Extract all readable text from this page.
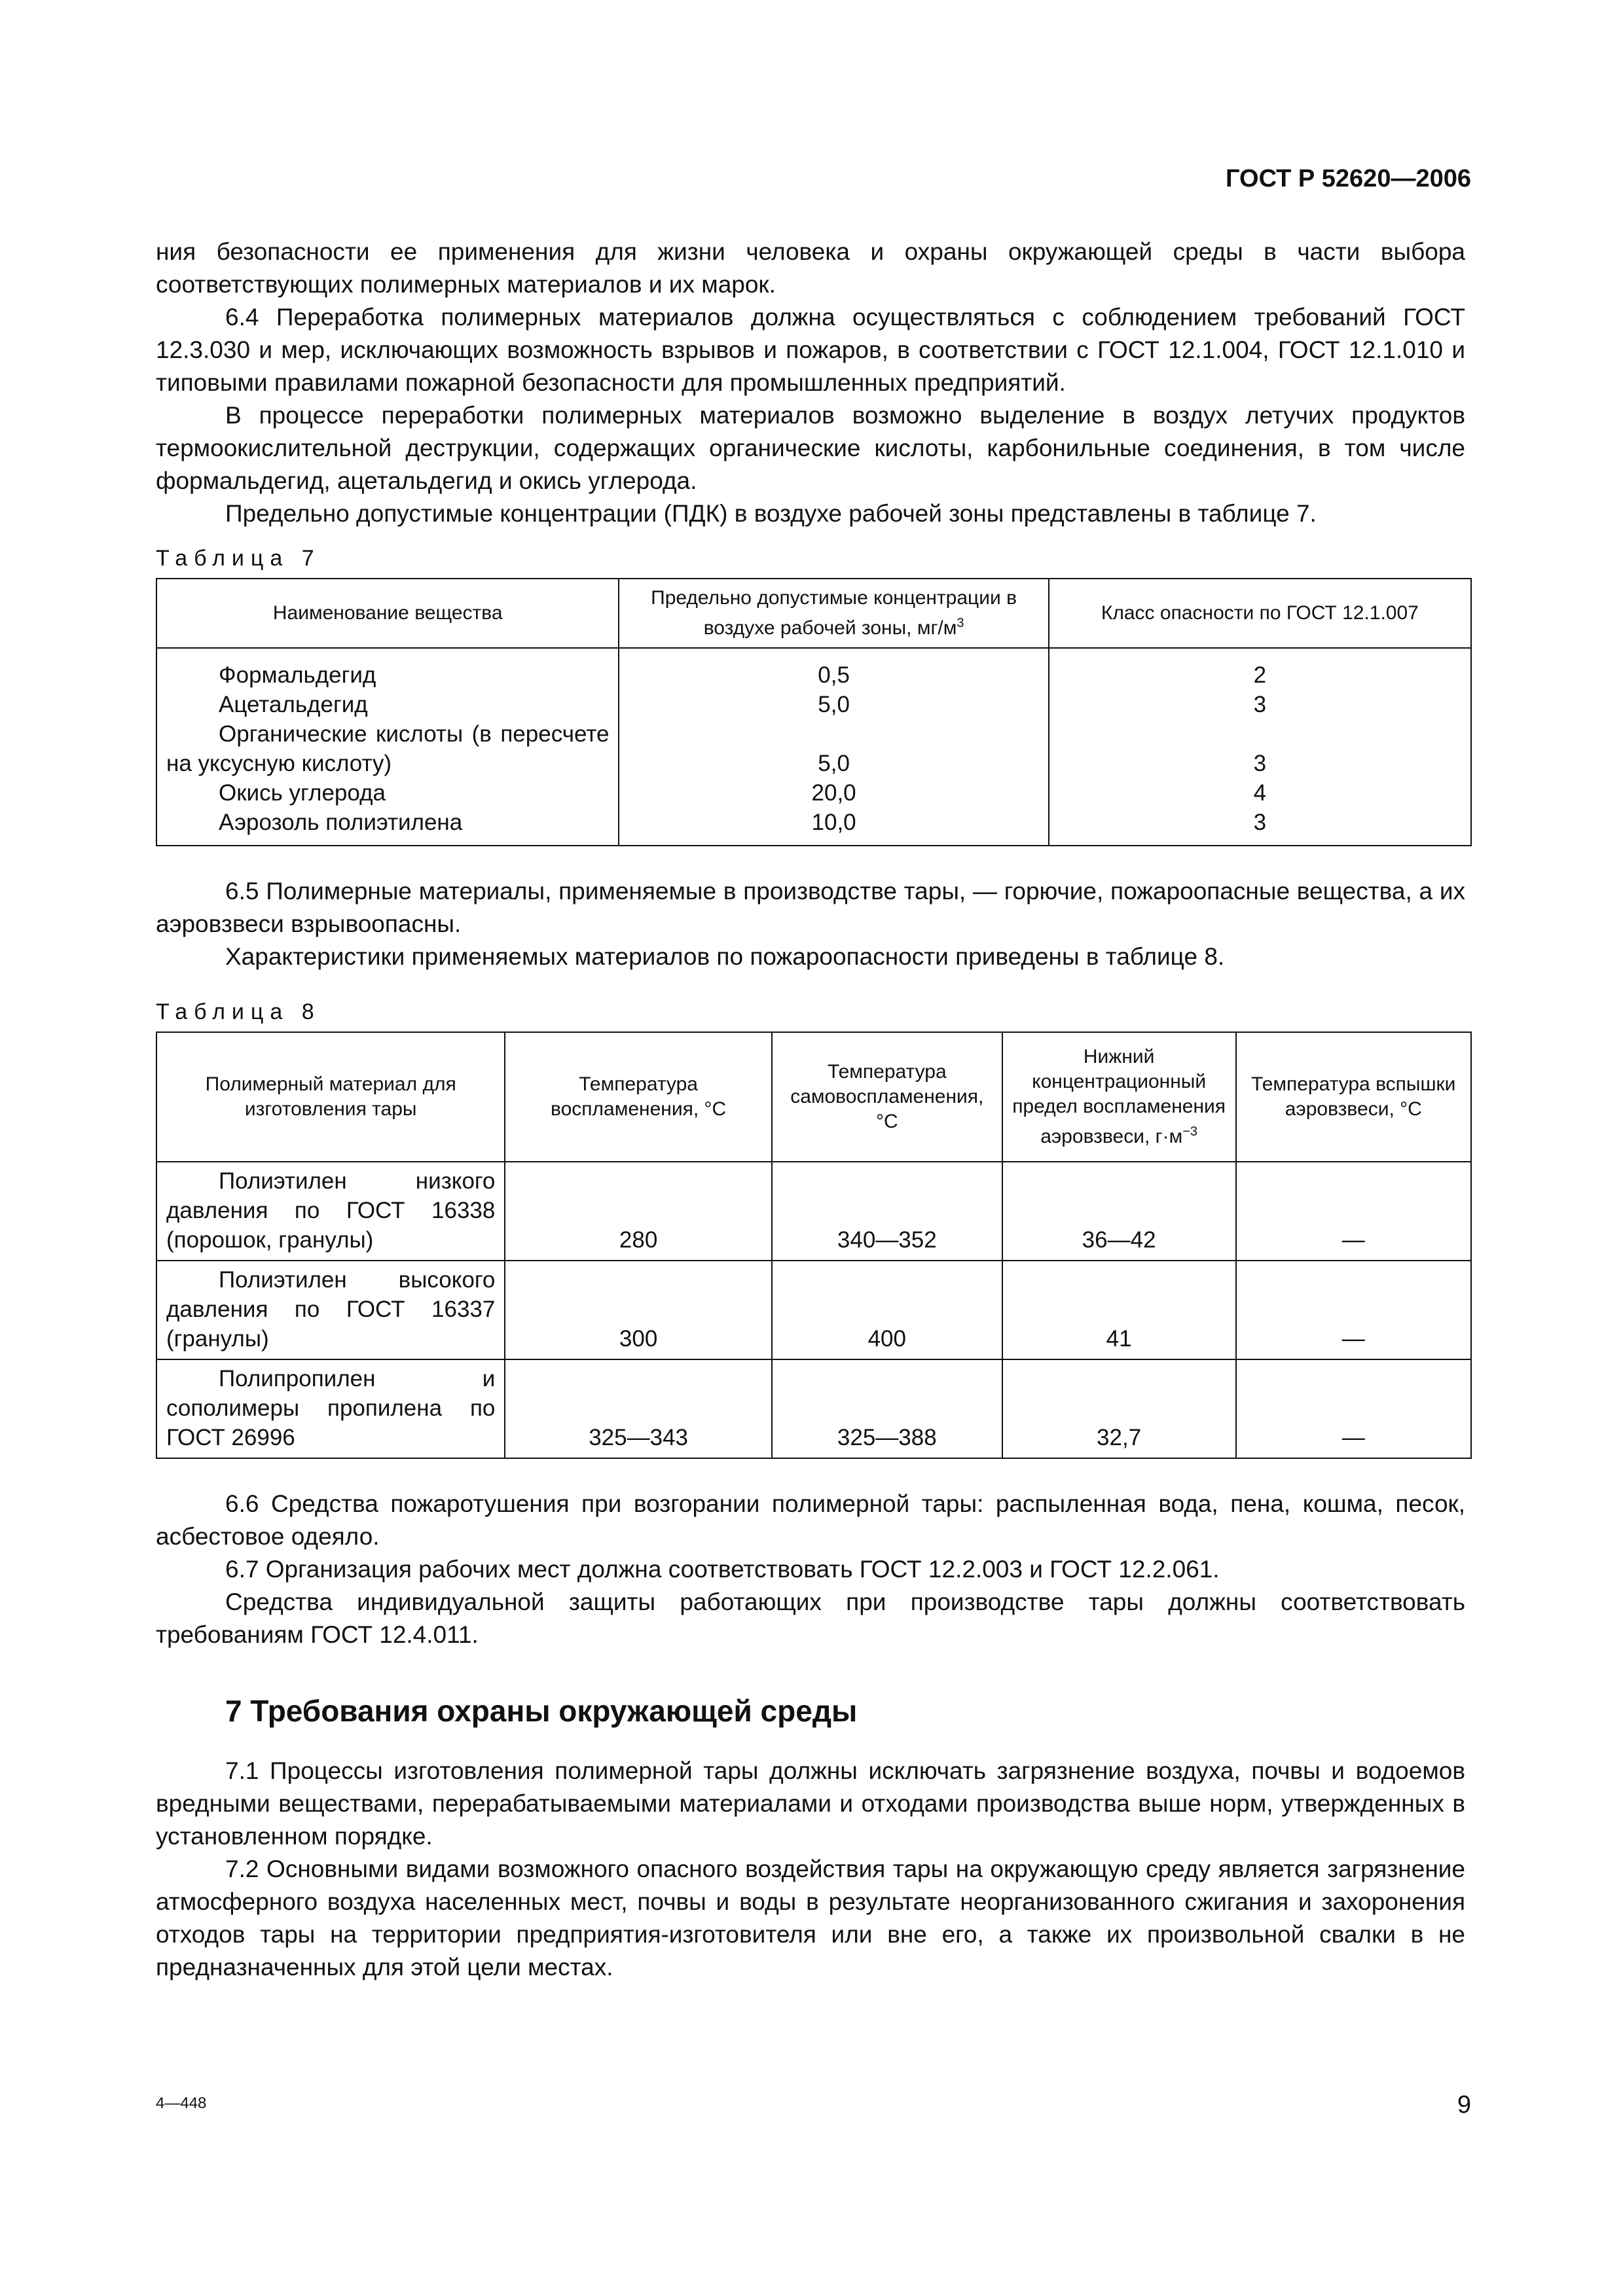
ГОСТ Р 52620—2006

ния безопасности ее применения для жизни человека и охраны окружающей среды в части выбора соответствующих полимерных материалов и их марок.

6.4 Переработка полимерных материалов должна осуществляться с соблюдением требований ГОСТ 12.3.030 и мер, исключающих возможность взрывов и пожаров, в соответствии с ГОСТ 12.1.004, ГОСТ 12.1.010 и типовыми правилами пожарной безопасности для промышленных предприятий.

В процессе переработки полимерных материалов возможно выделение в воздух летучих продуктов термоокислительной деструкции, содержащих органические кислоты, карбонильные соединения, в том числе формальдегид, ацетальдегид и окись углерода.

Предельно допустимые концентрации (ПДК) в воздухе рабочей зоны представлены в таблице 7.

Таблица 7
Наименование вещества	Предельно допустимые концентрации в воздухе рабочей зоны, $мг/м^3$	Класс опасности по ГОСТ 12.1.007
Формальдегид	0,5	2
Ацетальдегид	5,0	3
Органические кислоты (в пересчете на уксусную кислоту)	5,0	3
Окись углерода	20,0	4
Аэрозоль полиэтилена	10,0	3

6.5 Полимерные материалы, применяемые в производстве тары, — горючие, пожароопасные вещества, а их аэровзвеси взрывоопасны.

Характеристики применяемых материалов по пожароопасности приведены в таблице 8.

Таблица 8
Полимерный материал для изготовления тары	Температура воспламенения, °С	Температура самовоспламенения, °С	Нижний концентрационный предел воспламенения аэровзвеси, $г\cdot м^{-3}$	Температура вспышки аэровзвеси, °С
Полиэтилен низкого давления по ГОСТ 16338 (порошок, гранулы)	280	340—352	36—42	—
Полиэтилен высокого давления по ГОСТ 16337 (гранулы)	300	400	41	—
Полипропилен и сополимеры пропилена по ГОСТ 26996	325—343	325—388	32,7	—

6.6 Средства пожаротушения при возгорании полимерной тары: распыленная вода, пена, кошма, песок, асбестовое одеяло.

6.7 Организация рабочих мест должна соответствовать ГОСТ 12.2.003 и ГОСТ 12.2.061.

Средства индивидуальной защиты работающих при производстве тары должны соответствовать требованиям ГОСТ 12.4.011.

7 Требования охраны окружающей среды

7.1 Процессы изготовления полимерной тары должны исключать загрязнение воздуха, почвы и водоемов вредными веществами, перерабатываемыми материалами и отходами производства выше норм, утвержденных в установленном порядке.

7.2 Основными видами возможного опасного воздействия тары на окружающую среду является загрязнение атмосферного воздуха населенных мест, почвы и воды в результате неорганизованного сжигания и захоронения отходов тары на территории предприятия-изготовителя или вне его, а также их произвольной свалки в не предназначенных для этой цели местах.

4—448	9
